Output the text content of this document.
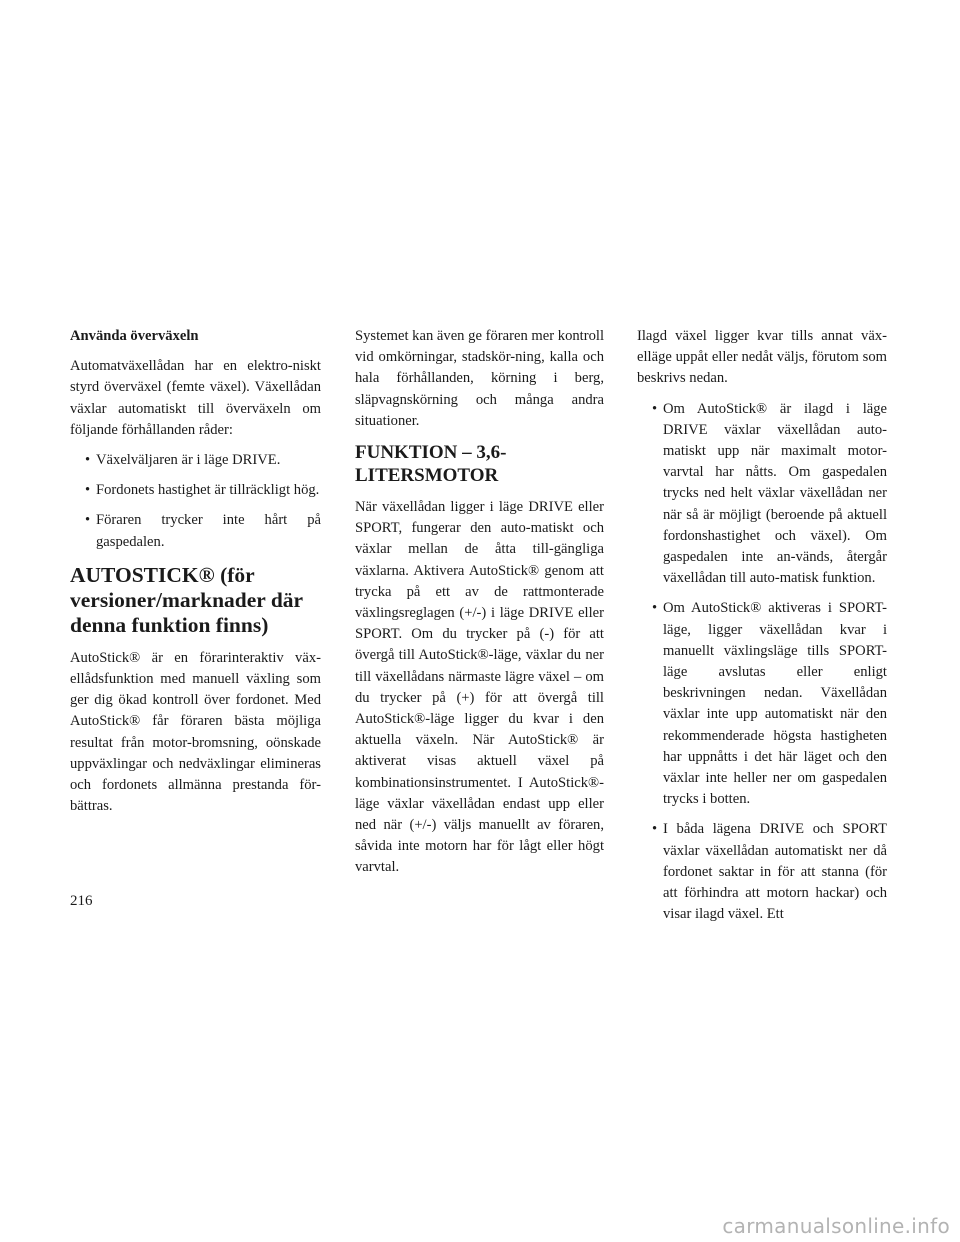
Använda överväxeln

Automatväxellådan har en elektro-niskt styrd överväxel (femte växel). Växellådan växlar automatiskt till överväxeln om följande förhållanden råder:

• Växelväljaren är i läge DRIVE.
• Fordonets hastighet är tillräckligt hög.
• Föraren trycker inte hårt på gaspedalen.
AUTOSTICK® (för versioner/marknader där denna funktion finns)

AutoStick® är en förarinteraktiv väx-ellådsfunktion med manuell växling som ger dig ökad kontroll över fordonet. Med AutoStick® får föraren bästa möjliga resultat från motor-bromsning, oönskade uppväxlingar och nedväxlingar elimineras och fordonets allmänna prestanda för-bättras.

Systemet kan även ge föraren mer kontroll vid omkörningar, stadskör-ning, kalla och hala förhållanden, körning i berg, släpvagnskörning och många andra situationer.

FUNKTION – 3,6-LITERSMOTOR

När växellådan ligger i läge DRIVE eller SPORT, fungerar den auto-matiskt och växlar mellan de åtta till-gängliga växlarna. Aktivera AutoStick® genom att trycka på ett av de rattmonterade växlingsreglagen (+/-) i läge DRIVE eller SPORT. Om du trycker på (-) för att övergå till AutoStick®-läge, växlar du ner till växellådans närmaste lägre växel – om du trycker på (+) för att övergå till AutoStick®-läge ligger du kvar i den aktuella växeln. När AutoStick® är aktiverat visas aktuell växel på kombinationsinstrumentet. I AutoStick®-läge växlar växellådan endast upp eller ned när (+/-) väljs manuellt av föraren, såvida inte motorn har för lågt eller högt varvtal.

Ilagd växel ligger kvar tills annat väx-elläge uppåt eller nedåt väljs, förutom som beskrivs nedan.

• Om AutoStick® är ilagd i läge DRIVE växlar växellådan auto-matiskt upp när maximalt motor-varvtal har nåtts. Om gaspedalen trycks ned helt växlar växellådan ner när så är möjligt (beroende på aktuell fordonshastighet och växel). Om gaspedalen inte an-vänds, återgår växellådan till auto-matisk funktion.
• Om AutoStick® aktiveras i SPORT-läge, ligger växellådan kvar i manuellt växlingsläge tills SPORT-läge avslutas eller enligt beskrivningen nedan. Växellådan växlar inte upp automatiskt när den rekommenderade högsta hastigheten har uppnåtts i det här läget och den växlar inte heller ner om gaspedalen trycks i botten.
• I båda lägena DRIVE och SPORT växlar växellådan automatiskt ner då fordonet saktar in för att stanna (för att förhindra att motorn hackar) och visar ilagd växel. Ett
216
carmanualsonline.info
